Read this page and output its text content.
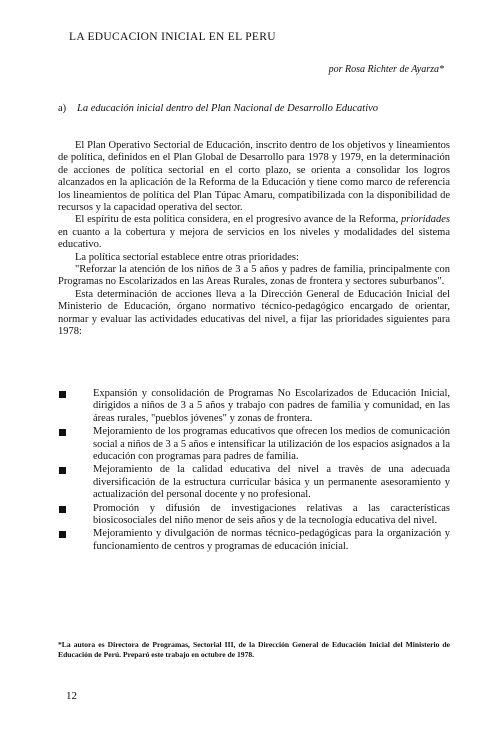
LA EDUCACION INICIAL EN EL PERU
por Rosa Richter de Ayarza*
a) La educación inicial dentro del Plan Nacional de Desarrollo Educativo

El Plan Operativo Sectorial de Educación, inscrito dentro de los objetivos y lineamientos de política, definidos en el Plan Global de Desarrollo para 1978 y 1979, en la determinación de acciones de política sectorial en el corto plazo, se orienta a consolidar los logros alcanzados en la aplicación de la Reforma de la Educación y tiene como marco de referencia los lineamientos de política del Plan Túpac Amaru, compatibilizada con la disponibilidad de recursos y la capacidad operativa del sector.

El espíritu de esta política considera, en el progresivo avance de la Reforma, prioridades en cuanto a la cobertura y mejora de servicios en los niveles y modalidades del sistema educativo.

La política sectorial establece entre otras prioridades:

"Reforzar la atención de los niños de 3 a 5 años y padres de familia, principalmente con Programas no Escolarizados en las Areas Rurales, zonas de frontera y sectores suburbanos".

Esta determinación de acciones lleva a la Dirección General de Educación Inicial del Ministerio de Educación, órgano normativo técnico-pedagógico encargado de orientar, normar y evaluar las actividades educativas del nivel, a fijar las prioridades siguientes para 1978:

Expansión y consolidación de Programas No Escolarizados de Educación Inicial, dirigidos a niños de 3 a 5 años y trabajo con padres de familia y comunidad, en las áreas rurales, "pueblos jóvenes" y zonas de frontera.
Mejoramiento de los programas educativos que ofrecen los medios de comunicación social a niños de 3 a 5 años e intensificar la utilización de los espacios asignados a la educación con programas para padres de familia.
Mejoramiento de la calidad educativa del nivel a travès de una adecuada diversificación de la estructura curricular básica y un permanente asesoramiento y actualización del personal docente y no profesional.
Promoción y difusión de investigaciones relativas a las características biosicosociales del niño menor de seis años y de la tecnología educativa del nivel.
Mejoramiento y divulgación de normas técnico-pedagógicas para la organización y funcionamiento de centros y programas de educación inicial.
*La autora es Directora de Programas, Sectorial III, de la Dirección General de Educación Inicial del Ministerio de Educación de Perú. Preparó este trabajo en octubre de 1978.
12
